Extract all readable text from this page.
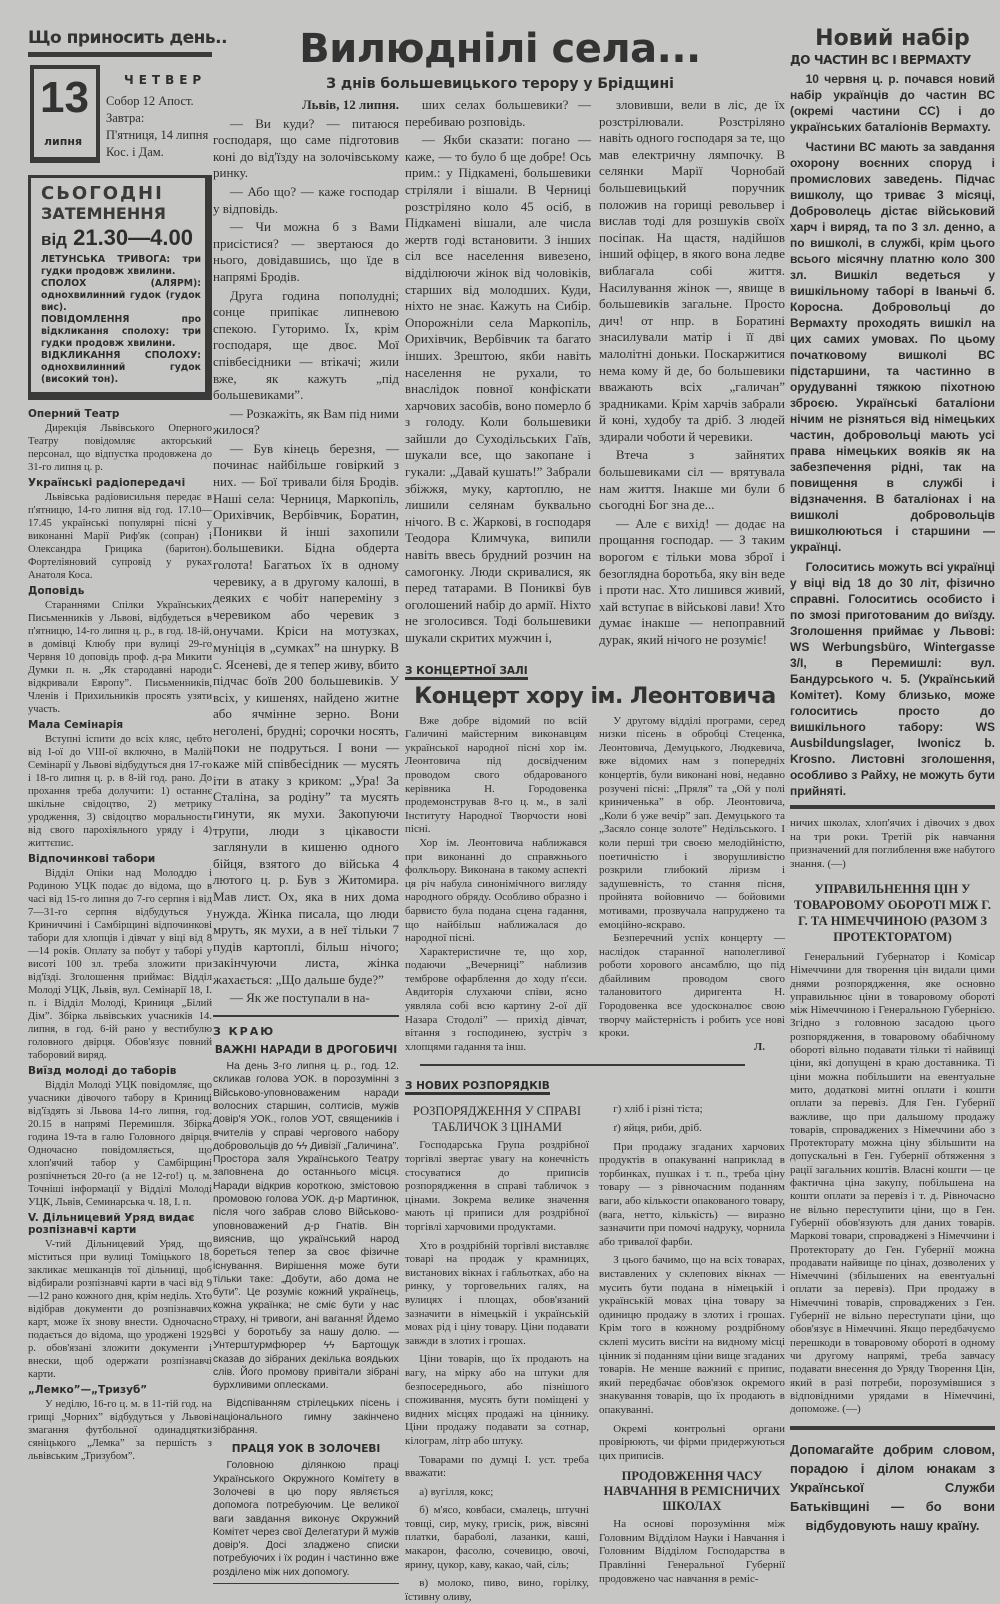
Що приносить день..
13
липня
ЧЕТВЕР
Собор 12 Апост.
Завтра:
П'ятниця, 14 липня
Кос. і Дам.
СЬОГОДНІ
ЗАТЕМНЕННЯ
від 21.30—4.00

ЛЕТУНСЬКА ТРИВОГА: три гудки продовж хвилини.

СПОЛОХ (АЛЯРМ): однохвилинний гудок (гудок вис).

ПОВІДОМЛЕННЯ про відкликання сполоху: три гудки продовж хвилини.

ВІДКЛИКАННЯ СПОЛОХУ: однохвилинний гудок (високий тон).

Оперний Театр

Дирекція Львівського Оперного Театру повідомляє акторський персонал, що відпустка продовжена до 31-го липня ц. р.

Українські радіопередачі

Львівська радіовисильня передає в п'ятницю, 14-го липня від год. 17.10—17.45 українські популярні пісні у виконанні Марії Риф'як (сопран) і Олександра Грицика (баритон). Фортеліяновий супровід у руках Анатоля Коса.

Доповідь

Стараннями Спілки Українських Письменників у Львові, відбудеться в п'ятницю, 14-го липня ц. р., в год. 18-ій, в домівці Клюбу при вулиці 29-го Червня 10 доповідь проф. д-ра Микити Думки п. н. „Як стародавні народи відкривали Европу”. Письменників, Членів і Прихильників просять узяти участь.

Мала Семінарія

Вступні іспити до всіх кляс, цебто від І-ої до VIII-ої включно, в Малій Семінарії у Львові відбудуться дня 17-го і 18-го липня ц. р. в 8-ій год. рано. До прохання треба долучити: 1) останнє шкільне свідоцтво, 2) метрику уродження, 3) свідоцтво моральности від свого парохіяльного уряду і 4) життєпис.

Відпочинкові табори

Відділ Опіки над Молоддю і Родиною УЦК подає до відома, що в часі від 15-го липня до 7-го серпня і від 7—31-го серпня відбудуться у Криниччині і Самбірщині відпочинкові табори для хлопців і дівчат у віці від 8—14 років. Оплату за побут у таборі у висоті 100 зл. треба зложити при від'їзді. Зголошення приймає: Відділ Молоді УЦК, Львів, вул. Семінарії 18, І. п. і Відділ Молоді, Криниця „Білий Дім”. Збірка львівських учасників 14. липня, в год. 6-ій рано у вестибулю головного двірця. Обов'язує повний таборовий виряд.

Виїзд молоді до таборів

Відділ Молоді УЦК повідомляє, що учасники дівочого табору в Криниці від'їздять зі Львова 14-го липня, год. 20.15 в напрямі Перемишля. Збірка година 19-та в галю Головного двірця. Одночасно повідомляється, що хлоп'ячий табор у Самбірщині розпічнеться 20-го (а не 12-го!) ц. м. Точніші інформації у Відділі Молоді УЦК, Львів, Семинарська ч. 18, І. п.

V. Дільницевий Уряд видає розпізнавчі карти

V-тий Дільницевий Уряд, що міститься при вулиці Томіцького 18, закликає мешканців тої дільниці, щоб відбирали розпізнавчі карти в часі від 9—12 рано кожного дня, крім неділь. Хто відібрав документи до розпізнавчих карт, може їх знову внести. Одночасно подається до відома, що уроджені 1929 р. обов'язані зложити документи і внески, щоб одержати розпізнавчі карти.

„Лемко”—„Тризуб”

У неділю, 16-го ц. м. в 11-тій год. на грищі „Чорних” відбудуться у Львові змагання футбольної одинадцятки сяніцького „Лемка” за першість з львівським „Тризубом”.

Вилюднілі села...
З днів большевицького терору у Брідщині

Львів, 12 липня.

— Ви куди? — питаюся господаря, що саме підготовив коні до від'їзду на золочівському ринку.

— Або що? — каже господар у відповідь.

— Чи можна б з Вами присістися? — звертаюся до нього, довідавшись, що їде в напрямі Бродів.

Друга година пополудні; сонце припікає липневою спекою. Гуторимо. Їх, крім господаря, ще двоє. Мої співбесідники — втікачі; жили вже, як кажуть „під большевиками”.

— Розкажіть, як Вам під ними жилося?

— Був кінець березня, — починає найбільше говіркий з них. — Бої тривали біля Бродів. Наші села: Черниця, Маркопіль, Орихівчик, Вербівчик, Боратин, Поникви й інші захопили большевики. Бідна обдерта голота! Багатьох їх в одному черевику, а в другому калоші, в деяких є чобіт напереміну з черевиком або черевик з онучами. Кріси на мотузках, муніція в „сумках” на шнурку. В с. Ясеневі, де я тепер живу, вбито підчас боїв 200 большевиків. У всіх, у кишенях, найдено житне або ячмінне зерно. Вони неголені, брудні; сорочки носять, поки не подруться. І вони — каже мій співбесідник — мусять іти в атаку з криком: „Ура! За Сталіна, за родіну” та мусять гинути, як мухи. Закопуючи трупи, люди з цікавости заглянули в кишеню одного бійця, взятого до війська 4 лютого ц. р. Був з Житомира. Мав лист. Ох, яка в них дома нужда. Жінка писала, що люди мруть, як мухи, а в неї тільки 7 пудів картоплі, більш нічого; закінчуючи листа, жінка жахається: „Що дальше буде?”

— Як же поступали в на-

З КРАЮ
ВАЖНІ НАРАДИ В ДРОГОБИЧІ

На день 3-го липня ц. р., год. 12. скликав голова УОК. в порозумінні з Військово-уповноваженим наради волосних старшин, солтисів, мужів довір'я УОК., голов УОТ, священиків і вчителів у справі чергового набору добровольців до ϟϟ Дивізії „Галичина”. Простора заля Українського Театру заповнена до останнього місця. Наради відкрив короткою, змістовою промовою голова УОК. д-р Мартинюк, після чого забрав слово Військово-уповноважений д-р Гнатів. Він вияснив, що український народ бореться тепер за своє фізичне існування. Вирішення може бути тільки таке: „Добути, або дома не бути”. Це розуміє кожний українець, кожна українка; не сміє бути у нас страху, ні тривоги, ані вагання! Йдемо всі у боротьбу за нашу долю. — Унтерштурмфюрер ϟϟ Бартощук сказав до зібраних декілька воядьких слів. Його промову привітали зібрані бурхливими оплесками.

Відспіванням стрілецьких пісень і національного гимну закінчено зібрання.

ПРАЦЯ УОК В ЗОЛОЧЕВІ

Головною ділянкою праці Українського Окружного Комітету в Золочеві в цю пору являється допомога потребуючим. Це великої ваги завдання виконує Окружний Комітет через свої Делегатури й мужів довір'я. Досі зладжено списки потребуючих і їх родин і частинно вже розділено між них допомогу.

ших селах большевики? — перебиваю розповідь.

— Якби сказати: погано — каже, — то було б ще добре! Ось прим.: у Підкамені, большевики стріляли і вішали. В Черниці розстріляно коло 45 осіб, в Підкамені вішали, але числа жертв годі встановити. З інших сіл все населення вивезено, відділюючи жінок від чоловіків, старших від молодших. Куди, ніхто не знає. Кажуть на Сибір. Опорожніли села Маркопіль, Орихівчик, Вербівчик та багато інших. Зрештою, якби навіть населення не рухали, то внаслідок повної конфіскати харчових засобів, воно померло б з голоду. Коли большевики зайшли до Суходільських Гаїв, шукали все, що закопане і гукали: „Давай кушать!” Забрали збіжжя, муку, картоплю, не лишили селянам буквально нічого. В с. Жаркові, в господаря Теодора Климчука, випили навіть ввесь брудний розчин на самогонку. Люди скривалися, як перед татарами. В Поникві був оголошений набір до армії. Ніхто не зголосився. Тоді большевики шукали скритих мужчин і,

зловивши, вели в ліс, де їх розстрілювали. Розстріляно навіть одного господаря за те, що мав електричну лямпочку. В селянки Марії Чорнобай большевицький поручник положив на горищі револьвер і вислав тоді для розшуків своїх посіпак. На щастя, надійшов інший офіцер, в якого вона ледве виблагала собі життя. Насилування жінок —, явище в большевиків загальне. Просто дич! от нпр. в Боратині знасилували матір і її дві малолітні доньки. Поскаржитися нема кому й де, бо большевики вважають всіх „галичан” зрадниками. Крім харчів забрали й коні, худобу та дріб. З людей здирали чоботи й черевики.

Втеча з зайнятих большевиками сіл — врятувала нам життя. Інакше ми були б сьогодні Бог зна де...

— Але є вихід! — додає на прощання господар. — З таким ворогом є тільки мова зброї і безоглядна боротьба, яку він веде і проти нас. Хто лишився живий, хай вступає в військові лави! Хто думає інакше — непоправний дурак, який нічого не розуміє!

З КОНЦЕРТНОЇ ЗАЛІ
Концерт хору ім. Леонтовича

Вже добре відомий по всій Галичині майстерним виконавцям української народної пісні хор ім. Леонтовича під досвідченим проводом свого обдарованого керівника Н. Городовенка продемонстрував 8-го ц. м., в залі Інституту Народної Творчости нові пісні.

Хор ім. Леонтовича наближався при виконанні до справжнього фолкльору. Виконана в такому аспекті ця річ набула синонімічного вигляду народного обряду. Особливо образно і барвисто була подана сцена гадання, що найбільш наближалася до народної пісні.

Характеристичне те, що хор, подаючи „Вечерниці” наблизив темброве офарблення до ходу п'єси. Авдиторія слухаючи співи, ясно уявляла собі всю картину 2-ої дії Назара Стодолі” — прихід дівчат, вітання з господинею, зустріч з хлопцями гадання та інш.

У другому відділі програми, серед низки пісень в обробці Стеценка, Леонтовича, Демуцького, Людкевича, вже відомих нам з попередніх концертів, були виконані нові, недавно розучені пісні: „Пряля” та „Ой у полі криниченька” в обр. Леонтовича, „Коли б уже вечір” зап. Демуцького та „Засяло сонце золоте” Недільського. І коли перші три своєю мелодійністю, поетичністю і зворушливістю розкрили глибокий ліризм і задушевність, то стання пісня, пройнята войовничо — бойовими мотивами, прозвучала напруджено та емоційно-яскраво.

Безперечний успіх концерту — наслідок старанної наполегливої роботи хорового ансамблю, що під дбайливим проводом свого талановитого диригента Н. Городовенка все удосконалює свою творчу майстерність і робить усе нові кроки.

Л.

З НОВИХ РОЗПОРЯДКІВ
РОЗПОРЯДЖЕННЯ У СПРАВІ ТАБЛИЧОК З ЦІНАМИ

Господарська Група роздрібної торгівлі звертає увагу на конечність стосуватися до приписів розпорядження в справі табличок з цінами. Зокрема велике значення мають ці приписи для роздрібної торгівлі харчовими продуктами.

Хто в роздрібній торгівлі виставляє товарі на продаж у крамницях, вистанових вікнах і габльотках, або на ринку, у торговельних галях, на вулицях і площах, обов'язаний зазначити в німецькій і українській мовах рід і ціну товару. Ціни подавати завжди в злотих і грошах.

Ціни товарів, що їх продають на вагу, на мірку або на штуки для безпосереднього, або пізнішого споживання, мусять бути поміщені у видних місцях продажі на ціннику. Ціни продажу подавати за сотнар, кілограм, літр або штуку.

Товарами по думці І. уст. треба вважати:

а) вугілля, кокс;

б) м'ясо, ковбаси, смалець, штучні товщі, сир, муку, грисік, риж, вівсяні платки, бараболі, лазанки, каші, макарон, фасолю, сочевицю, овочі, ярину, цукор, каву, какао, чай, сіль;

в) молоко, пиво, вино, горілку, їстивну оливу,

г) хліб і різні тіста;

ґ) яйця, риби, дріб.

При продажу згаданих харчових продуктів в опакуванні наприклад в торбинках, пушках і т. п., треба ціну товару — з рівночасним поданням ваги, або кількости опакованого товару, (вага, нетто, кількість) — виразно зазначити при помочі надруку, чорнила або тривалої фарби.

З цього бачимо, що на всіх товарах, виставлених у склепових вікнах — мусить бути подана в німецькій і українській мовах ціна товару за одиницю продажу в злотих і грошах. Крім того в кожному роздрібному склепі мусить висіти на видному місці цінник зі поданням ціни вище згаданих товарів. Не менше важний є припис, який передбачає обов'язок окремого знакування товарів, що їх продають в опакуванні.

Окремі контрольні органи провірюють, чи фірми придержуються цих приписів.

ПРОДОВЖЕННЯ ЧАСУ НАВЧАННЯ В РЕМІСНИЧИХ ШКОЛАХ

На основі порозуміння між Головним Відділом Науки і Навчання і Головним Відділом Господарства в Правлінні Генеральної Губернії продовжено час навчання в реміс-

Новий набір
ДО ЧАСТИН ВС І ВЕРМАХТУ

10 червня ц. р. почався новий набір українців до частин ВС (окремі частини СС) і до українських баталіонів Вермахту.

Частини ВС мають за завдання охорону воєнних споруд і промислових заведень. Підчас вишколу, що триває 3 місяці, Доброволець дістає військовий харч і виряд, та по 3 зл. денно, а по вишколі, в службі, крім цього всього місячну платню коло 300 зл. Вишкіл ведеться у вишкільному таборі в Іваньчі б. Коросна. Добровольці до Вермахту проходять вишкіл на цих самих умовах. По цьому початковому вишколі ВС підстаршини, та частинно в орудуванні тяжкою піхотною зброєю. Українські баталіони нічим не різняться від німецьких частин, добровольці мають усі права німецьких вояків як на забезпечення рідні, так на повищення в службі і відзначення. В баталіонах і на вишколі добровольців вишколюються і старшини — українці.

Голоситись можуть всі українці у віці від 18 до 30 літ, фізично справні. Голоситись особисто і по змозі приготованим до виїзду. Зголошення приймає у Львові: WS Werbungsbüro, Wintergasse 3/I, в Перемишлі: вул. Бандурського ч. 5. (Український Комітет). Кому близько, може голоситись просто до вишкільного табору: WS Ausbildungslager, Iwonicz b. Krosno. Листовні зголошення, особливо з Райху, не можуть бути прийняті.

ничих школах, хлоп'ячих і дівочих з двох на три роки. Третій рік навчання призначений для поглиблення вже набутого знання. (—)

УПРАВИЛЬНЕННЯ ЦІН У ТОВАРОВОМУ ОБОРОТІ МІЖ Г. Г. ТА НІМЕЧЧИНОЮ (РАЗОМ З ПРОТЕКТОРАТОМ)

Генеральний Губернатор і Комісар Німеччини для творення цін видали цими днями розпорядження, яке основно управильнює ціни в товаровому обороті між Німеччиною і Генеральною Губернією. Згідно з головною засадою цього розпорядження, в товаровому обабічному обороті вільно подавати тільки ті найвищі ціни, які допущені в краю доставника. Ті ціни можна побільшити на евентуальне мито, додаткові митні оплати і кошти оплати за перевіз. Для Ген. Губернії важливе, що при дальшому продажу товарів, спроваджених з Німеччини або з Протекторату можна ціну збільшити на допускальні в Ген. Губернії обтяження з рації загальних коштів. Власні кошти — це фактична ціна закупу, побільшена на кошти оплати за перевіз і т. д. Рівночасно не вільно переступити ціни, що в Ген. Губернії обов'язують для даних товарів. Маркові товари, спроваджені з Німеччини і Протекторату до Ген. Губернії можна продавати найвище по цінах, дозволених у Німеччині (збільшених на евентуальні оплати за перевіз). При продажу в Німеччині товарів, спроваджених з Ген. Губернії не вільно переступати ціни, що обов'язує в Німеччині. Якщо передбачуємо перешкоди в товаровому обороті в одному чи другому напрямі, треба завчасу подавати внесення до Уряду Творення Цін, який в разі потреби, порозумівшися з відповідними урядами в Німеччині, допоможе. (—)

Допомагайте добрим словом, порадою і ділом юнакам з Української Служби Батьківщині — бо вони відбудовують нашу країну.
